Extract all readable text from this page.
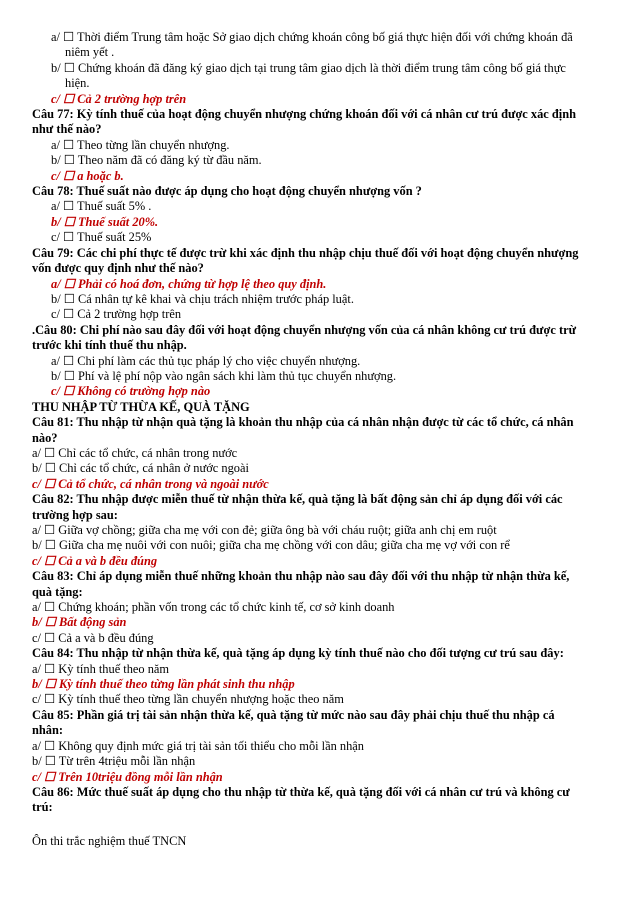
a/ ☐ Thời điểm Trung tâm hoặc Sở giao dịch chứng khoán công bố giá thực hiện đối với chứng khoán đã
niêm yết .
b/ ☐ Chứng khoán đã đăng ký giao dịch tại trung tâm giao dịch là thời điểm trung tâm công bố giá thực
hiện.
c/ ☐ Cả 2 trường hợp trên
Câu 77: Kỳ tính thuế của hoạt động chuyển nhượng chứng khoán đối với cá nhân cư trú được xác định
như thế nào?
a/ ☐ Theo từng lần chuyển nhượng.
b/ ☐ Theo năm đã có đăng ký từ đầu năm.
c/ ☐ a hoặc b.
Câu 78: Thuế suất nào được áp dụng cho hoạt động chuyển nhượng vốn ?
a/ ☐ Thuế suất 5% .
b/ ☐ Thuế suất 20%.
c/ ☐ Thuế suất 25%
Câu 79: Các chi phí thực tế được trừ khi xác định thu nhập chịu thuế đối với hoạt động chuyển nhượng
vốn được quy định như thế nào?
a/ ☐ Phải có hoá đơn, chứng từ hợp lệ theo quy định.
b/ ☐ Cá nhân tự kê khai và chịu trách nhiệm trước pháp luật.
c/ ☐ Cả 2 trường hợp trên
.Câu 80: Chi phí nào sau đây đối với hoạt động chuyển nhượng vốn của cá nhân không cư trú được trừ
trước khi tính thuế thu nhập.
a/ ☐ Chi phí làm các thủ tục pháp lý cho việc chuyển nhượng.
b/ ☐ Phí và lệ phí nộp vào ngân sách khi làm thủ tục chuyển nhượng.
c/ ☐ Không có trường hợp nào
THU NHẬP TỪ THỪA KẾ, QUÀ TẶNG
Câu 81: Thu nhập từ nhận quà tặng là khoản thu nhập của cá nhân nhận được từ các tổ chức, cá nhân
nào?
a/ ☐ Chỉ các tổ chức, cá nhân trong nước
b/ ☐ Chỉ các tổ chức, cá nhân ở nước ngoài
c/ ☐ Cả tổ chức, cá nhân trong và ngoài nước
Câu 82: Thu nhập được miễn thuế từ nhận thừa kế, quà tặng là bất động sản chỉ áp dụng đối với các
trường hợp sau:
a/ ☐ Giữa vợ chồng; giữa cha mẹ với con đẻ; giữa ông bà với cháu ruột; giữa anh chị em ruột
b/ ☐ Giữa cha mẹ nuôi với con nuôi; giữa cha mẹ chồng với con dâu; giữa cha mẹ vợ với con rể
c/ ☐ Cả a và b đều đúng
Câu 83: Chỉ áp dụng miễn thuế những khoản thu nhập nào sau đây đối với thu nhập từ nhận thừa kế,
quà tặng:
a/ ☐ Chứng khoán; phần vốn trong các tổ chức kinh tế, cơ sở kinh doanh
b/ ☐ Bất động sản
c/ ☐ Cả a và b đều đúng
Câu 84: Thu nhập từ nhận thừa kế, quà tặng áp dụng kỳ tính thuế nào cho đối tượng cư trú sau đây:
a/ ☐ Kỳ tính thuế theo năm
b/ ☐ Kỳ tính thuế theo từng lần phát sinh thu nhập
c/ ☐ Kỳ tính thuế theo từng lần chuyển nhượng hoặc theo năm
Câu 85: Phần giá trị tài sản nhận thừa kế, quà tặng từ mức nào sau đây phải chịu thuế thu nhập cá
nhân:
a/ ☐ Không quy định mức giá trị tài sản tối thiểu cho mỗi lần nhận
b/ ☐ Từ trên 4triệu mỗi lần nhận
c/ ☐ Trên 10triệu đồng mỗi lần nhận
Câu 86: Mức thuế suất áp dụng cho thu nhập từ thừa kế, quà tặng đối với cá nhân cư trú và không cư
trú:
Ôn thi trắc nghiệm thuế TNCN
